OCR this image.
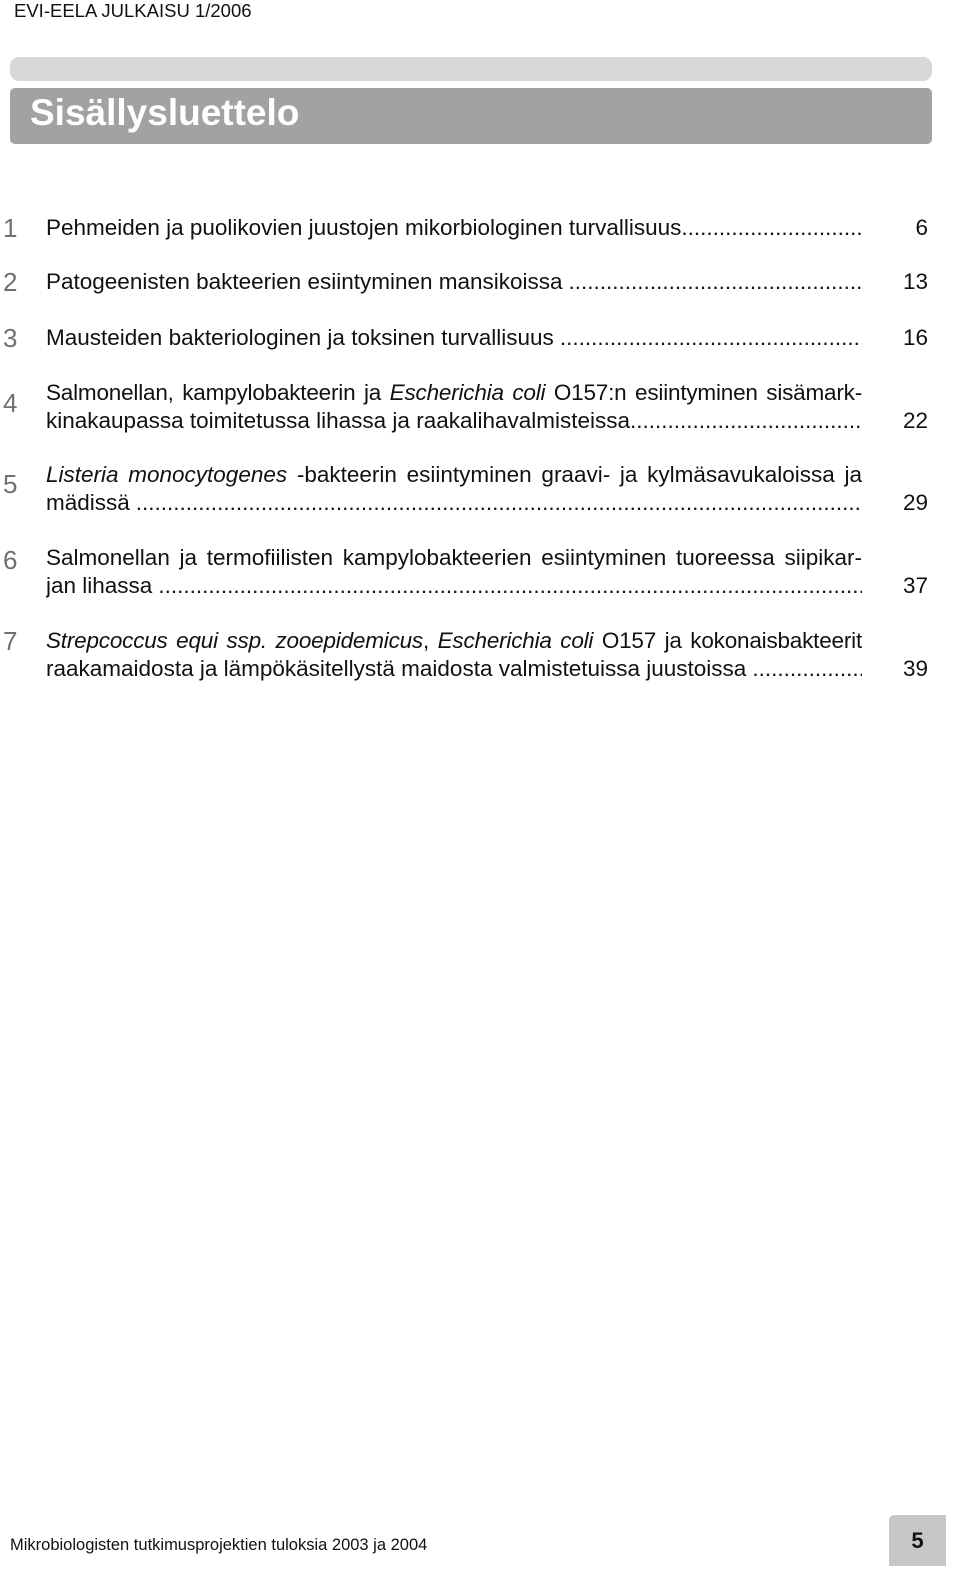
EVI-EELA JULKAISU 1/2006
Sisällysluettelo
1 Pehmeiden ja puolikovien juustojen mikorbiologinen turvallisuus .....	6
2 Patogeenisten bakteerien esiintyminen mansikoissa .....	13
3 Mausteiden bakteriologinen ja toksinen turvallisuus .....	16
4 Salmonellan, kampylobakteerin ja Escherichia coli O157:n esiintyminen sisämark-
kinakaupassa toimitetussa lihassa ja raakalihavalmisteissa .....	22
5 Listeria monocytogenes -bakteerin esiintyminen graavi- ja kylmäsavukaloissa ja
mädissä .....	29
6 Salmonellan ja termofiilisten kampylobakteerien esiintyminen tuoreessa siipikar-
jan lihassa .....	37
7 Strepcoccus equi ssp. zooepidemicus, Escherichia coli O157 ja kokonaisbakteerit
raakamaidosta ja lämpökäsitellystä maidosta valmistetuissa juustoissa .....	39
Mikrobiologisten tutkimusprojektien tuloksia 2003 ja 2004	5
